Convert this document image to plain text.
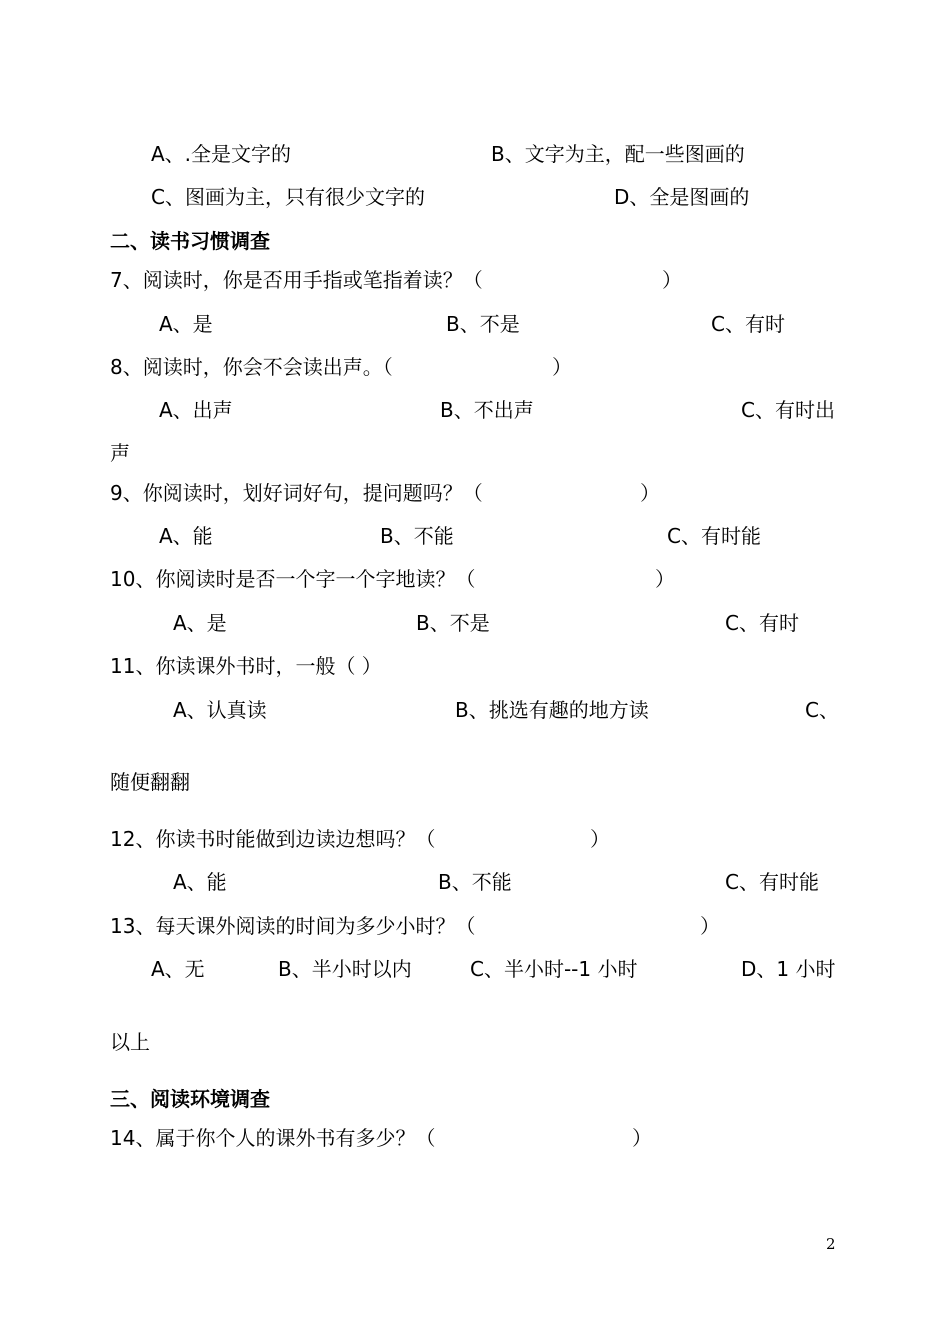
A、.全是文字的	B、文字为主，配一些图画的
C、图画为主，只有很少文字的	D、全是图画的
二、读书习惯调查
7、阅读时，你是否用手指或笔指着读？（	）
A、是	B、不是	C、有时
8、阅读时，你会不会读出声。（	）
A、出声	B、不出声	C、有时出
声
9、你阅读时，划好词好句，提问题吗？（	）
A、能	B、不能	C、有时能
10、你阅读时是否一个字一个字地读？（	）
A、是	B、不是	C、有时
11、你读课外书时，一般（ ）
A、认真读	B、挑选有趣的地方读	C、
随便翻翻
12、你读书时能做到边读边想吗？（	）
A、能	B、不能	C、有时能
13、每天课外阅读的时间为多少小时？（	）
A、无	B、半小时以内	C、半小时--1 小时	D、1 小时
以上
三、阅读环境调查
14、属于你个人的课外书有多少？（	）
2
